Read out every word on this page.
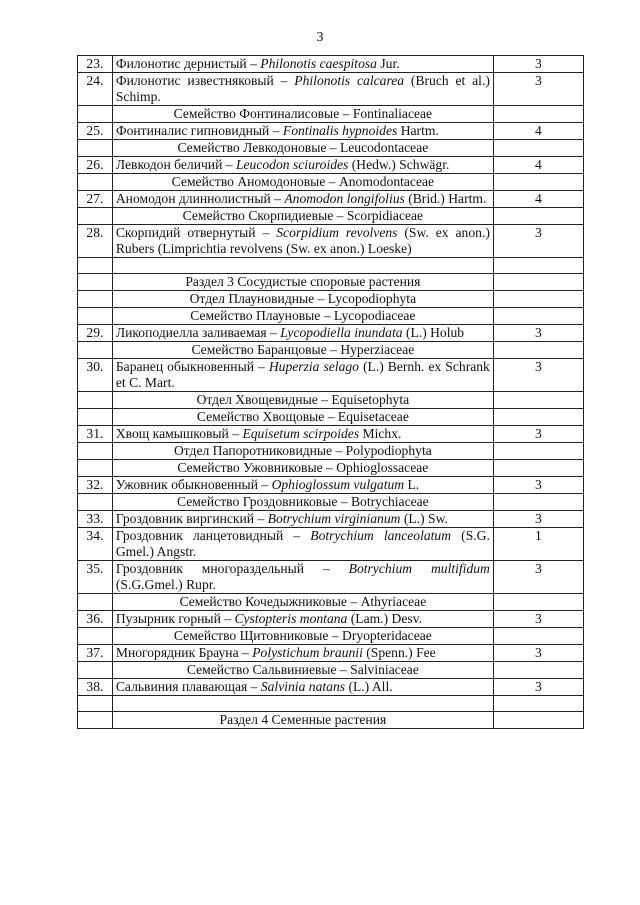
3
23.	Филонотис дернистый – Philonotis caespitosa Jur.	3
24.	Филонотис известняковый – Philonotis calcarea (Bruch et al.) Schimp.	3
	Семейство Фонтиналисовые – Fontinaliaceae	
25.	Фонтиналис гипновидный – Fontinalis hypnoides Hartm.	4
	Семейство Левкодоновые – Leucodontaceae	
26.	Левкодон беличий – Leucodon sciuroides (Hedw.) Schwägr.	4
	Семейство Аномодоновые – Anomodontaceae	
27.	Аномодон длиннолистный – Anomodon longifolius (Brid.) Hartm.	4
	Семейство Скорпидиевые – Scorpidiaceae	
28.	Скорпидий отвернутый – Scorpidium revolvens (Sw. ex anon.) Rubers (Limprichtia revolvens (Sw. ex anon.) Loeske)	3

	Раздел 3 Сосудистые споровые растения	
	Отдел Плауновидные – Lycopodiophyta	
	Семейство Плауновые – Lycopodiaceae	
29.	Ликоподиелла заливаемая – Lycopodiella inundata (L.) Holub	3
	Семейство Баранцовые – Hyperziaceae	
30.	Баранец обыкновенный – Huperzia selago (L.) Bernh. ex Schrank et C. Mart.	3
	Отдел Хвощевидные – Equisetophyta	
	Семейство Хвощовые – Equisetaceae	
31.	Хвощ камышковый – Equisetum scirpoides Michx.	3
	Отдел Папоротниковидные – Polypodiophyta	
	Семейство Ужовниковые – Ophioglossaceae	
32.	Ужовник обыкновенный – Ophioglossum vulgatum L.	3
	Семейство Гроздовниковые – Botrychiaceae	
33.	Гроздовник виргинский – Botrychium virginianum (L.) Sw.	3
34.	Гроздовник ланцетовидный – Botrychium lanceolatum (S.G. Gmel.) Angstr.	1
35.	Гроздовник многораздельный – Botrychium multifidum (S.G.Gmel.) Rupr.	3
	Семейство Кочедыжниковые – Athyriaceae	
36.	Пузырник горный – Cystopteris montana (Lam.) Desv.	3
	Семейство Щитовниковые – Dryopteridaceae	
37.	Многорядник Брауна – Polystichum braunii (Spenn.) Fee	3
	Семейство Сальвиниевые – Salviniaceae	
38.	Сальвиния плавающая – Salvinia natans (L.) All.	3

	Раздел 4 Семенные растения	
